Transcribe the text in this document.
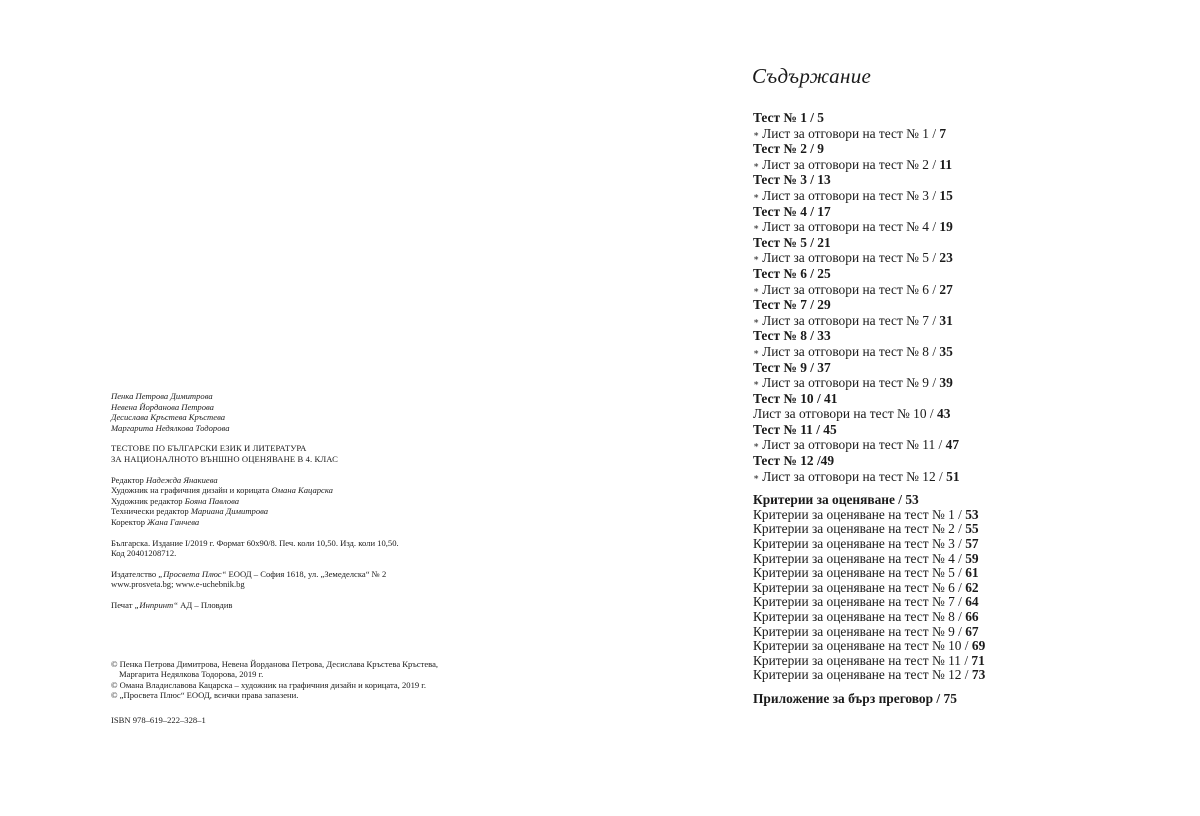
Пенка Петрова Димитрова
Невена Йорданова Петрова
Десислава Кръстева Кръстева
Маргарита Недялкова Тодорова
ТЕСТОВЕ ПО БЪЛГАРСКИ ЕЗИК И ЛИТЕРАТУРА
ЗА НАЦИОНАЛНОТО ВЪНШНО ОЦЕНЯВАНЕ В 4. КЛАС
Редактор Надежда Янакиева
Художник на графичния дизайн и корицата Омана Кацарска
Художник редактор Бояна Павлова
Технически редактор Мариана Димитрова
Коректор Жана Ганчева
Българска. Издание I/2019 г. Формат 60х90/8. Печ. коли 10,50. Изд. коли 10,50.
Код 20401208712.
Издателство „Просвета Плюс“ ЕООД – София 1618, ул. „Земеделска“ № 2
www.prosveta.bg; www.e-uchebnik.bg
Печат „Инпринт“ АД – Пловдив
© Пенка Петрова Димитрова, Невена Йорданова Петрова, Десислава Кръстева Кръстева,
Маргарита Недялкова Тодорова, 2019 г.
© Омана Владиславова Кацарска – художник на графичния дизайн и корицата, 2019 г.
© „Просвета Плюс“ ЕООД, всички права запазени.
ISBN 978–619–222–328–1
Съдържание
Тест № 1 / 5
∗ Лист за отговори на тест № 1 / 7
Тест № 2 / 9
∗ Лист за отговори на тест № 2 / 11
Тест № 3 / 13
∗ Лист за отговори на тест № 3 / 15
Тест № 4 / 17
∗ Лист за отговори на тест № 4 / 19
Тест № 5 / 21
∗ Лист за отговори на тест № 5 / 23
Тест № 6 / 25
∗ Лист за отговори на тест № 6 / 27
Тест № 7 / 29
∗ Лист за отговори на тест № 7 / 31
Тест № 8 / 33
∗ Лист за отговори на тест № 8 / 35
Тест № 9 / 37
∗ Лист за отговори на тест № 9 / 39
Тест № 10 / 41
Лист за отговори на тест № 10 / 43
Тест № 11 / 45
∗ Лист за отговори на тест № 11 / 47
Тест № 12 /49
∗ Лист за отговори на тест № 12 / 51
Критерии за оценяване / 53
Критерии за оценяване на тест № 1 / 53
Критерии за оценяване на тест № 2 / 55
Критерии за оценяване на тест № 3 / 57
Критерии за оценяване на тест № 4 / 59
Критерии за оценяване на тест № 5 / 61
Критерии за оценяване на тест № 6 / 62
Критерии за оценяване на тест № 7 / 64
Критерии за оценяване на тест № 8 / 66
Критерии за оценяване на тест № 9 / 67
Критерии за оценяване на тест № 10 / 69
Критерии за оценяване на тест № 11 / 71
Критерии за оценяване на тест № 12 / 73
Приложение за бърз преговор / 75
